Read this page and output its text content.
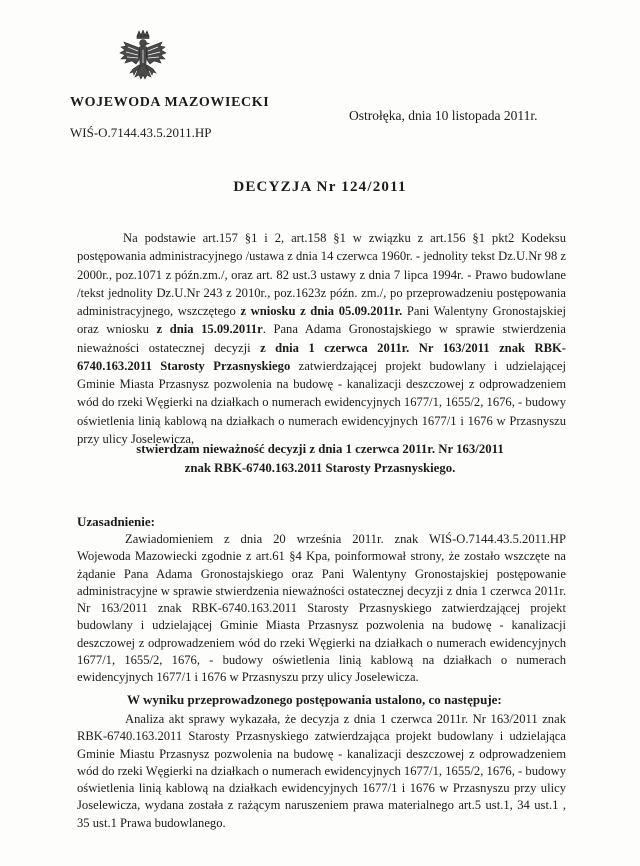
WOJEWODA MAZOWIECKI
WIŚ-O.7144.43.5.2011.HP
Ostrołęka, dnia 10 listopada 2011r.
DECYZJA Nr 124/2011
Na podstawie art.157 §1 i 2, art.158 §1 w związku z art.156 §1 pkt2 Kodeksu postępowania administracyjnego /ustawa z dnia 14 czerwca 1960r. - jednolity tekst Dz.U.Nr 98 z 2000r., poz.1071 z późn.zm./, oraz art. 82 ust.3 ustawy z dnia 7 lipca 1994r. - Prawo budowlane /tekst jednolity Dz.U.Nr 243 z 2010r., poz.1623z późn. zm./, po przeprowadzeniu postępowania administracyjnego, wszczętego z wniosku z dnia 05.09.2011r. Pani Walentyny Gronostajskiej oraz wniosku z dnia 15.09.2011r. Pana Adama Gronostajskiego w sprawie stwierdzenia nieważności ostatecznej decyzji z dnia 1 czerwca 2011r. Nr 163/2011 znak RBK-6740.163.2011 Starosty Przasnyskiego zatwierdzającej projekt budowlany i udzielającej Gminie Miasta Przasnysz pozwolenia na budowę - kanalizacji deszczowej z odprowadzeniem wód do rzeki Węgierki na działkach o numerach ewidencyjnych 1677/1, 1655/2, 1676, - budowy oświetlenia linią kablową na działkach o numerach ewidencyjnych 1677/1 i 1676 w Przasnyszu przy ulicy Joselewicza,
stwierdzam nieważność decyzji z dnia 1 czerwca 2011r. Nr 163/2011
znak RBK-6740.163.2011 Starosty Przasnyskiego.
Uzasadnienie:
Zawiadomieniem z dnia 20 września 2011r. znak WIŚ-O.7144.43.5.2011.HP Wojewoda Mazowiecki zgodnie z art.61 §4 Kpa, poinformował strony, że zostało wszczęte na żądanie Pana Adama Gronostajskiego oraz Pani Walentyny Gronostajskiej postępowanie administracyjne w sprawie stwierdzenia nieważności ostatecznej decyzji z dnia 1 czerwca 2011r. Nr 163/2011 znak RBK-6740.163.2011 Starosty Przasnyskiego zatwierdzającej projekt budowlany i udzielającej Gminie Miasta Przasnysz pozwolenia na budowę - kanalizacji deszczowej z odprowadzeniem wód do rzeki Węgierki na działkach o numerach ewidencyjnych 1677/1, 1655/2, 1676, - budowy oświetlenia linią kablową na działkach o numerach ewidencyjnych 1677/1 i 1676 w Przasnyszu przy ulicy Joselewicza.
W wyniku przeprowadzonego postępowania ustalono, co następuje:
Analiza akt sprawy wykazała, że decyzja z dnia 1 czerwca 2011r. Nr 163/2011 znak RBK-6740.163.2011 Starosty Przasnyskiego zatwierdzająca projekt budowlany i udzielająca Gminie Miastu Przasnysz pozwolenia na budowę - kanalizacji deszczowej z odprowadzeniem wód do rzeki Węgierki na działkach o numerach ewidencyjnych 1677/1, 1655/2, 1676, - budowy oświetlenia linią kablową na działkach ewidencyjnych 1677/1 i 1676 w Przasnyszu przy ulicy Joselewicza, wydana została z rażącym naruszeniem prawa materialnego art.5 ust.1, 34 ust.1 , 35 ust.1 Prawa budowlanego.
